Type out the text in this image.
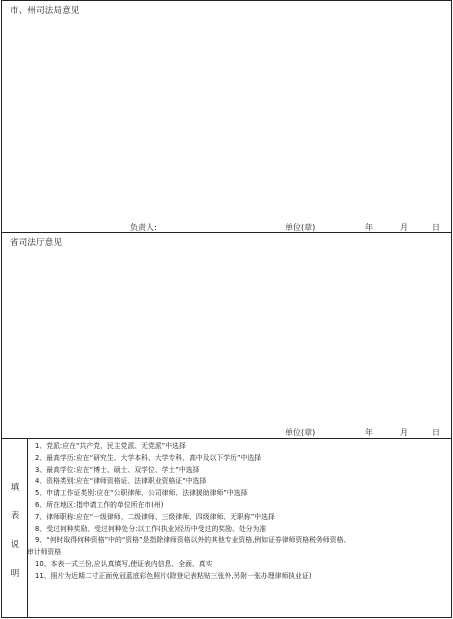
市、州司法局意见
负责人:	单位(章)	年	月	日
省司法厅意见
单位(章)	年	月	日
填
表
说
明
1、党派:应在“共产党、民主党派、无党派”中选择
2、最高学历:应在“研究生、大学本科、大学专科、高中及以下学历”中选择
3、最高学位:应在“博士、硕士、双学位、学士”中选择
4、资格类别:应在“律师资格证、法律职业资格证”中选择
5、申请工作证类别:应在“公职律师、公司律师、法律援助律师”中选择
6、所在地区:指申请工作的单位所在市(州)
7、律师职称:应在“一级律师、二级律师、三级律师、四级律师、无职称”中选择
8、受过何种奖励、受过何种处分:以工作(执业)经历中受过的奖励、处分为准
9、“何时取得何种资格”中的“资格”是指除律师资格以外的其他专业资格,例如证券律师资格税务师资格、
审计师资格
10、本表一式三份,应认真填写,使证表内信息、全面、真实
11、照片为近期二寸正面免冠蓝底彩色照片(除登记表粘贴三张外,另附一张办理律师执业证)
